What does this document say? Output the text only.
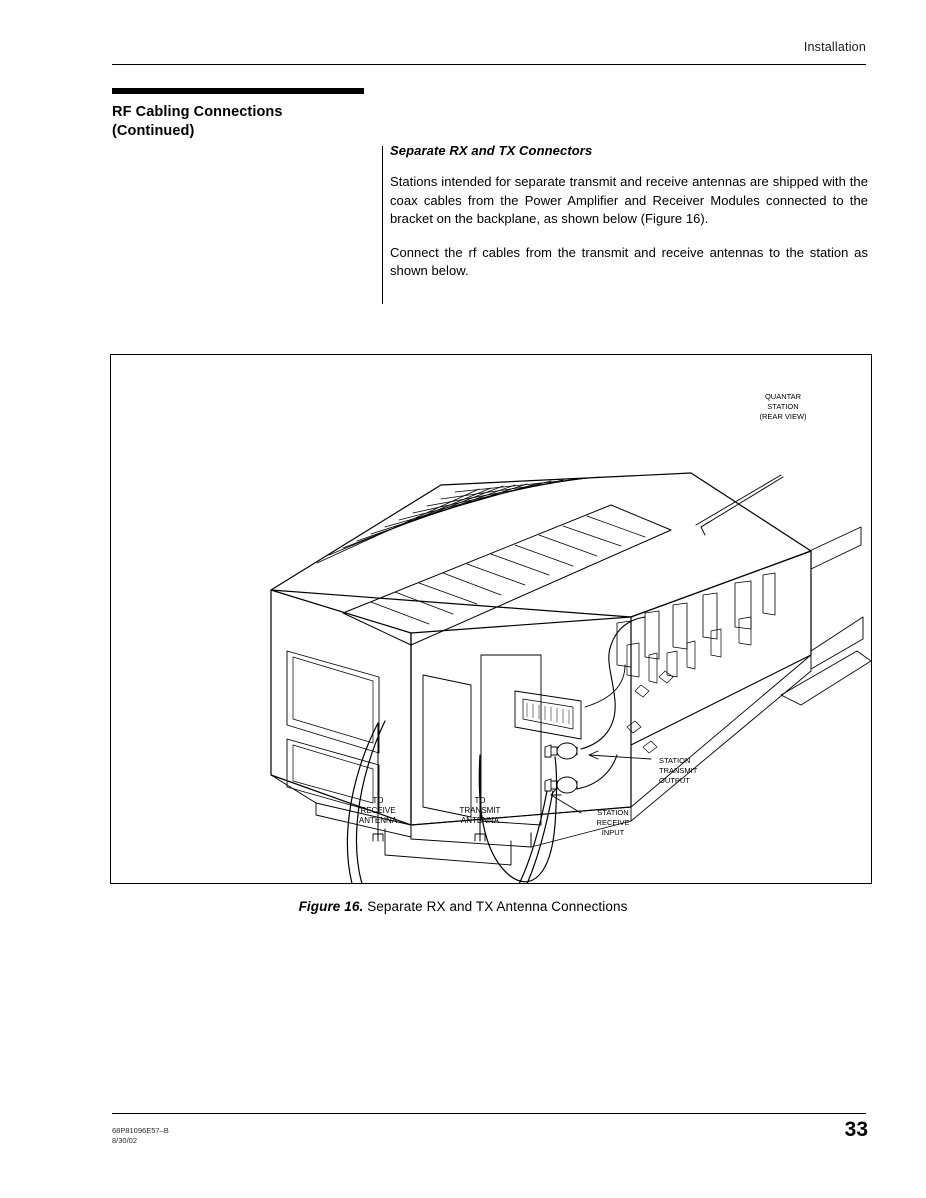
Installation
RF Cabling Connections
(Continued)
Separate RX and TX Connectors

Stations intended for separate transmit and receive antennas are shipped with the coax cables from the Power Amplifier and Receiver Modules connected to the bracket on the backplane, as shown below (Figure 16).

Connect the rf cables from the transmit and receive antennas to the station as shown below.

TO
RECEIVE
ANTENNA
TO
TRANSMIT
ANTENNA
QUANTAR
STATION
(REAR VIEW)
STATION
TRANSMIT
OUTPUT
STATION
RECEIVE
INPUT
Figure 16. Separate RX and TX Antenna Connections
68P81096E57–B
8/30/02	33
